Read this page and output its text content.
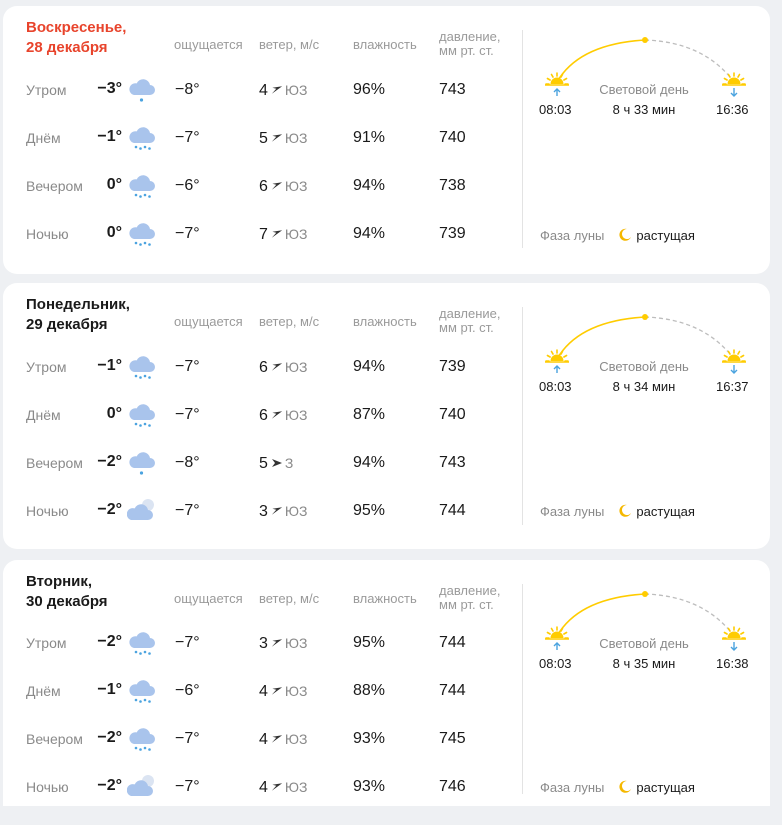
Воскресенье,
28 декабря	ощущается ветер, м/с	влажность
давление,
мм рт. ст.
Утром −3°	−8°	4 ЮЗ	96%	743
Днём −1°	−7°	5 ЮЗ	91%	740
Вечером 0°	−6°	6 ЮЗ	94%	738
Ночью 0°	−7°	7 ЮЗ	94%	739
08:03
Световой день
8 ч 33 мин	16:36
Фаза луны растущая
Понедельник,
29 декабря	ощущается ветер, м/с	влажность
давление,
мм рт. ст.
Утром −1°	−7°	6 ЮЗ	94%	739
Днём	0°	−7°	6 ЮЗ	87%	740
Вечером −2°	−8°	5 З	94%	743
Ночью −2°	−7°	3 ЮЗ	95%	744
08:03
Световой день
8 ч 34 мин	16:37
Фаза луны растущая
Вторник,
30 декабря	ощущается ветер, м/с	влажность
давление,
мм рт. ст.
Утром −2°	−7°	3 ЮЗ	95%	744
Днём −1°	−6°	4 ЮЗ	88%	744
Вечером −2°	−7°	4 ЮЗ	93%	745
Ночью −2°	−7°	4 ЮЗ	93%	746
08:03
Световой день
8 ч 35 мин	16:38
Фаза луны растущая
